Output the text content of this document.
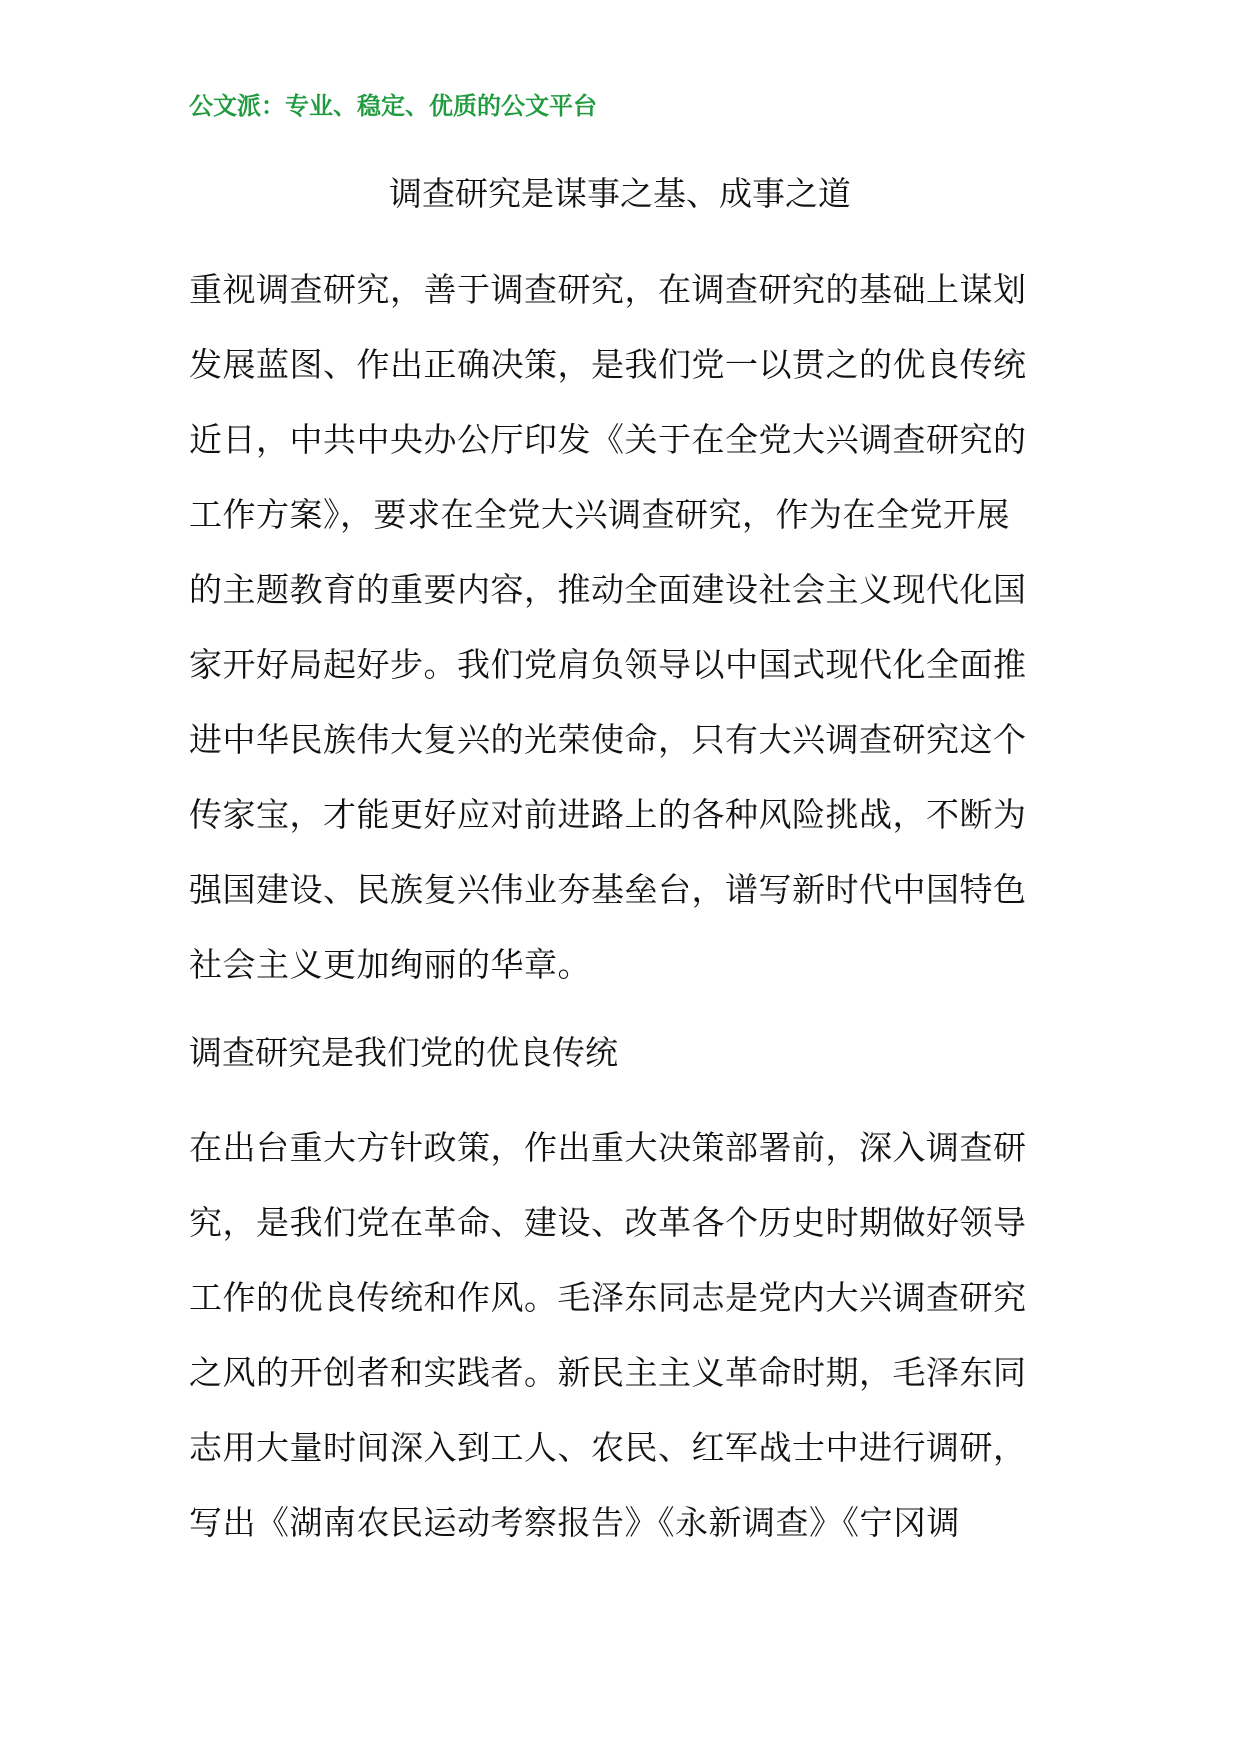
公文派：专业、稳定、优质的公文平台
调查研究是谋事之基、成事之道
重视调查研究，善于调查研究，在调查研究的基础上谋划
发展蓝图、作出正确决策，是我们党一以贯之的优良传统
近日，中共中央办公厅印发《关于在全党大兴调查研究的
工作方案》，要求在全党大兴调查研究，作为在全党开展
的主题教育的重要内容，推动全面建设社会主义现代化国
家开好局起好步。我们党肩负领导以中国式现代化全面推
进中华民族伟大复兴的光荣使命，只有大兴调查研究这个
传家宝，才能更好应对前进路上的各种风险挑战，不断为
强国建设、民族复兴伟业夯基垒台，谱写新时代中国特色
社会主义更加绚丽的华章。
调查研究是我们党的优良传统
在出台重大方针政策，作出重大决策部署前，深入调查研
究，是我们党在革命、建设、改革各个历史时期做好领导
工作的优良传统和作风。毛泽东同志是党内大兴调查研究
之风的开创者和实践者。新民主主义革命时期，毛泽东同
志用大量时间深入到工人、农民、红军战士中进行调研，
写出《湖南农民运动考察报告》《永新调查》《宁冈调
